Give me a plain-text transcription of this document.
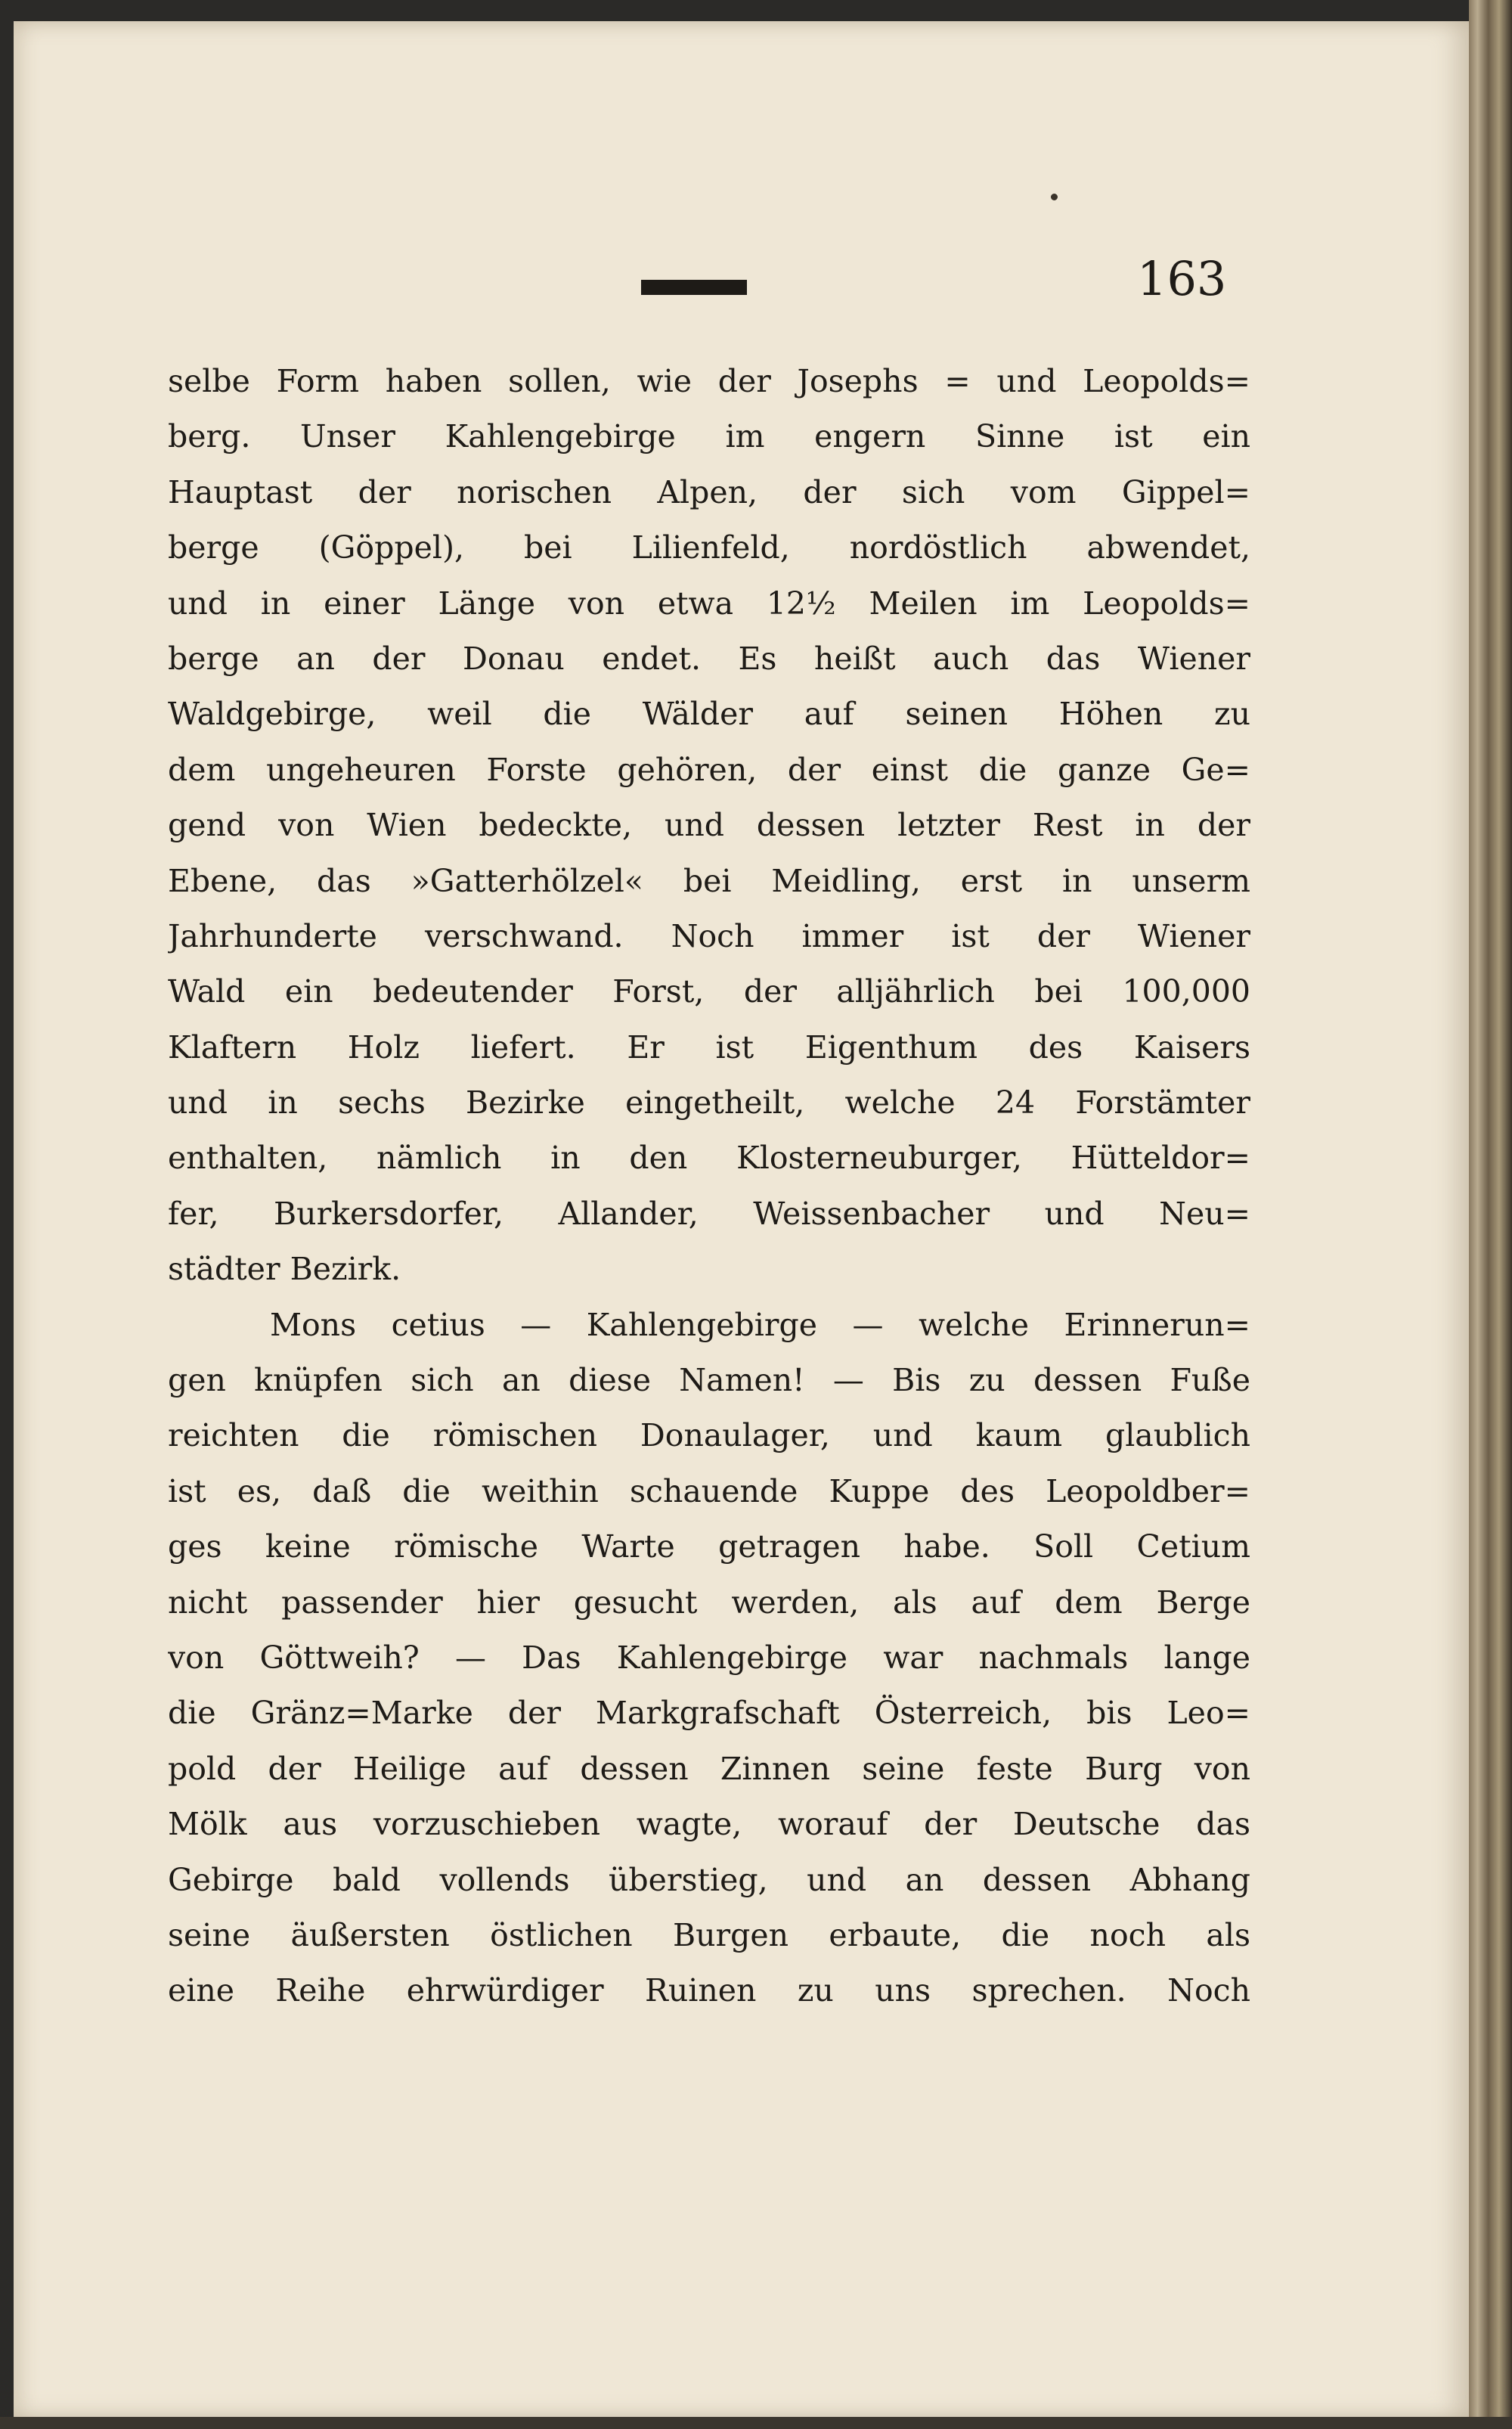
163
selbe Form haben sollen, wie der Josephs = und Leopolds=
berg. Unser Kahlengebirge im engern Sinne ist ein
Hauptast der norischen Alpen, der sich vom Gippel=
berge (Göppel), bei Lilienfeld, nordöstlich abwendet,
und in einer Länge von etwa 12½ Meilen im Leopolds=
berge an der Donau endet. Es heißt auch das Wiener
Waldgebirge, weil die Wälder auf seinen Höhen zu
dem ungeheuren Forste gehören, der einst die ganze Ge=
gend von Wien bedeckte, und dessen letzter Rest in der
Ebene, das »Gatterhölzel« bei Meidling, erst in unserm
Jahrhunderte verschwand. Noch immer ist der Wiener
Wald ein bedeutender Forst, der alljährlich bei 100,000
Klaftern Holz liefert. Er ist Eigenthum des Kaisers
und in sechs Bezirke eingetheilt, welche 24 Forstämter
enthalten, nämlich in den Klosterneuburger, Hütteldor=
fer, Burkersdorfer, Allander, Weissenbacher und Neu=
städter Bezirk.
Mons cetius — Kahlengebirge — welche Erinnerun=
gen knüpfen sich an diese Namen! — Bis zu dessen Fuße
reichten die römischen Donaulager, und kaum glaublich
ist es, daß die weithin schauende Kuppe des Leopoldber=
ges keine römische Warte getragen habe. Soll Cetium
nicht passender hier gesucht werden, als auf dem Berge
von Göttweih? — Das Kahlengebirge war nachmals lange
die Gränz=Marke der Markgrafschaft Österreich, bis Leo=
pold der Heilige auf dessen Zinnen seine feste Burg von
Mölk aus vorzuschieben wagte, worauf der Deutsche das
Gebirge bald vollends überstieg, und an dessen Abhang
seine äußersten östlichen Burgen erbaute, die noch als
eine Reihe ehrwürdiger Ruinen zu uns sprechen. Noch
